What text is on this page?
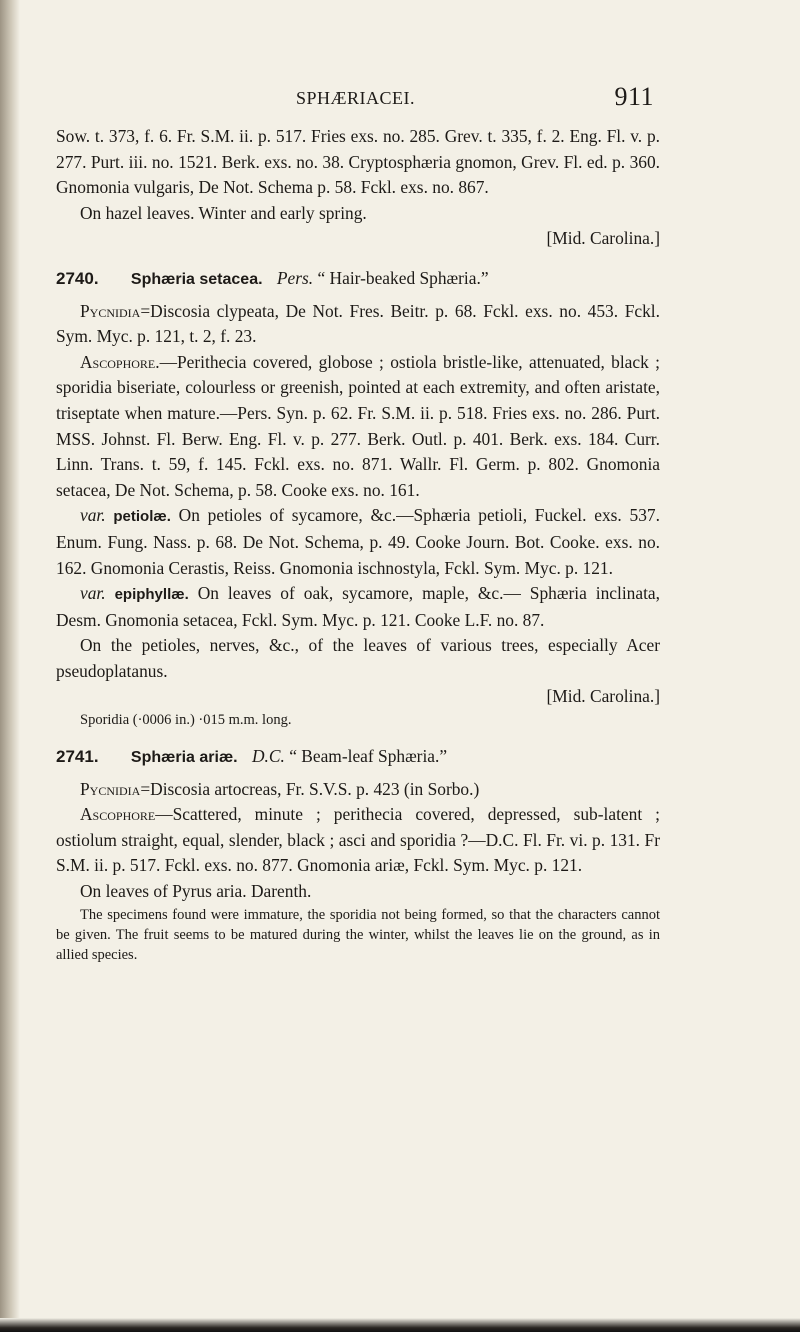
SPHÆRIACEI.	911

Sow. t. 373, f. 6. Fr. S.M. ii. p. 517. Fries exs. no. 285. Grev. t. 335, f. 2. Eng. Fl. v. p. 277. Purt. iii. no. 1521. Berk. exs. no. 38. Cryptosphæria gnomon, Grev. Fl. ed. p. 360. Gnomonia vulgaris, De Not. Schema p. 58. Fckl. exs. no. 867.

On hazel leaves. Winter and early spring.

[Mid. Carolina.]

2740. Sphæria setacea. Pers. “ Hair-beaked Sphæria.”

Pycnidia=Discosia clypeata, De Not. Fres. Beitr. p. 68. Fckl. exs. no. 453. Fckl. Sym. Myc. p. 121, t. 2, f. 23.

Ascophore.—Perithecia covered, globose ; ostiola bristle-like, attenuated, black ; sporidia biseriate, colourless or greenish, pointed at each extremity, and often aristate, triseptate when mature.—Pers. Syn. p. 62. Fr. S.M. ii. p. 518. Fries exs. no. 286. Purt. MSS. Johnst. Fl. Berw. Eng. Fl. v. p. 277. Berk. Outl. p. 401. Berk. exs. 184. Curr. Linn. Trans. t. 59, f. 145. Fckl. exs. no. 871. Wallr. Fl. Germ. p. 802. Gnomonia setacea, De Not. Schema, p. 58. Cooke exs. no. 161.

var. petiolæ. On petioles of sycamore, &c.—Sphæria petioli, Fuckel. exs. 537. Enum. Fung. Nass. p. 68. De Not. Schema, p. 49. Cooke Journ. Bot. Cooke. exs. no. 162. Gnomonia Cerastis, Reiss. Gnomonia ischnostyla, Fckl. Sym. Myc. p. 121.

var. epiphyllæ. On leaves of oak, sycamore, maple, &c.— Sphæria inclinata, Desm. Gnomonia setacea, Fckl. Sym. Myc. p. 121. Cooke L.F. no. 87.

On the petioles, nerves, &c., of the leaves of various trees, especially Acer pseudoplatanus.

[Mid. Carolina.]

Sporidia (·0006 in.) ·015 m.m. long.

2741. Sphæria ariæ. D.C. “ Beam-leaf Sphæria.”

Pycnidia=Discosia artocreas, Fr. S.V.S. p. 423 (in Sorbo.)

Ascophore—Scattered, minute ; perithecia covered, depressed, sub-latent ; ostiolum straight, equal, slender, black ; asci and sporidia ?—D.C. Fl. Fr. vi. p. 131. Fr S.M. ii. p. 517. Fckl. exs. no. 877. Gnomonia ariæ, Fckl. Sym. Myc. p. 121.

On leaves of Pyrus aria. Darenth.

The specimens found were immature, the sporidia not being formed, so that the characters cannot be given. The fruit seems to be matured during the winter, whilst the leaves lie on the ground, as in allied species.
